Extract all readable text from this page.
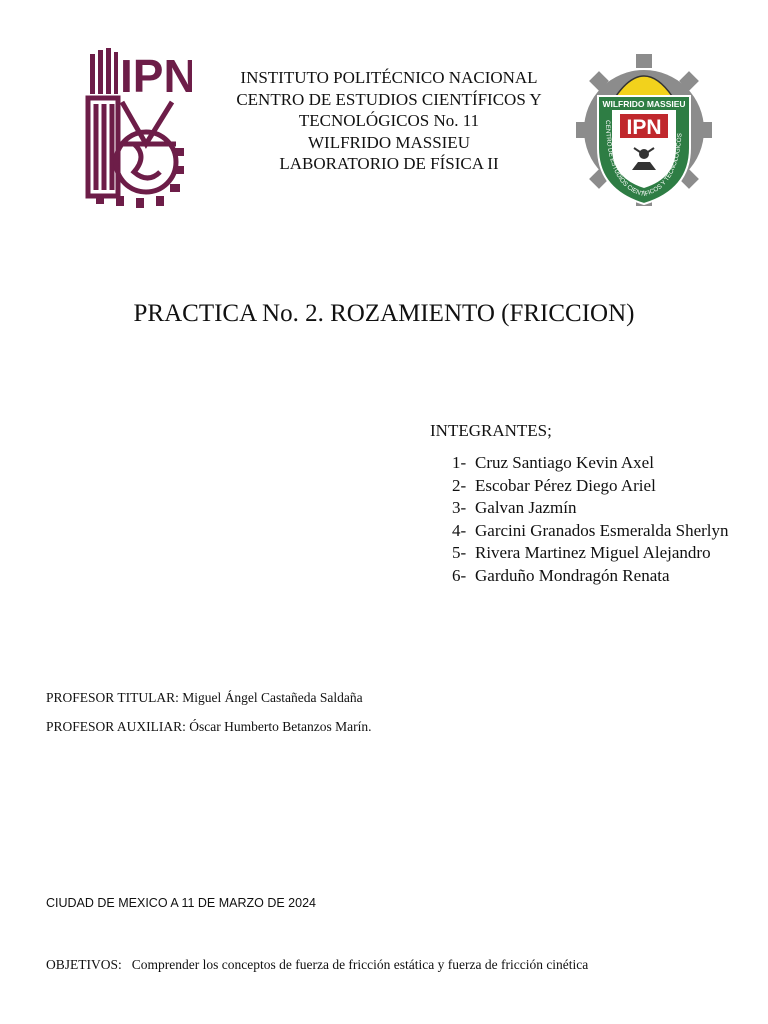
IPN	INSTITUTO POLITÉCNICO NACIONAL
CENTRO DE ESTUDIOS CIENTÍFICOS Y
TECNOLÓGICOS No. 11
WILFRIDO MASSIEU
LABORATORIO DE FÍSICA II
WILFRIDO MASSIEU
IPN
CENTRO DE ESTUDIOS CIENTÍFICOS Y TECNOLÓGICOS
PRACTICA No. 2. ROZAMIENTO (FRICCION)
INTEGRANTES;
1- Cruz Santiago Kevin Axel
2- Escobar Pérez Diego Ariel
3- Galvan Jazmín
4- Garcini Granados Esmeralda Sherlyn
5- Rivera Martinez Miguel Alejandro
6- Garduño Mondragón Renata
PROFESOR TITULAR: Miguel Ángel Castañeda Saldaña
PROFESOR AUXILIAR: Óscar Humberto Betanzos Marín.
CIUDAD DE MEXICO A 11 DE MARZO DE 2024
OBJETIVOS: Comprender los conceptos de fuerza de fricción estática y fuerza de fricción cinética
